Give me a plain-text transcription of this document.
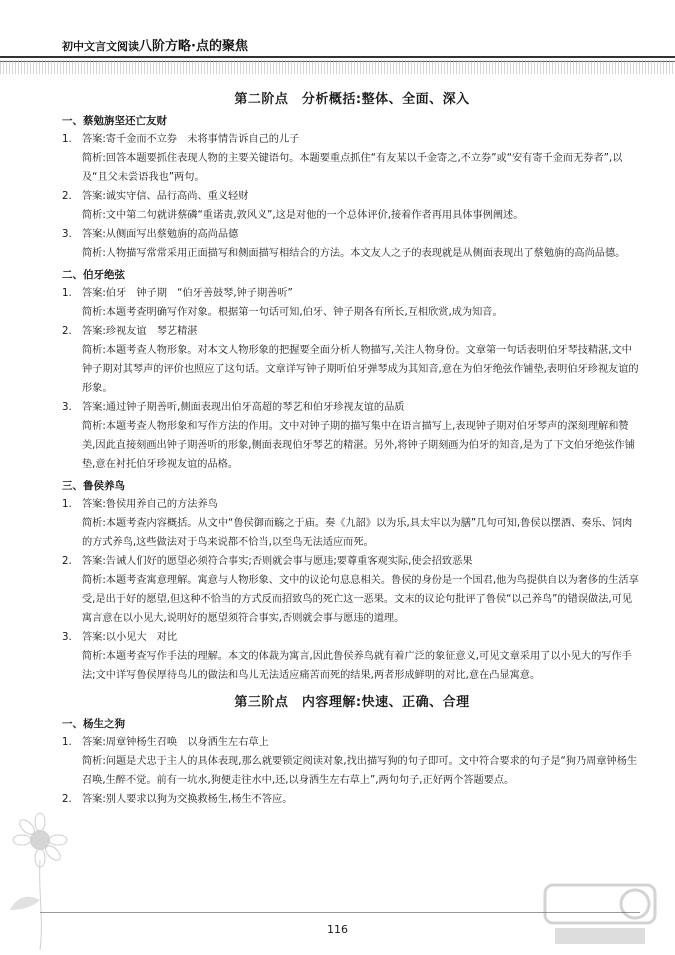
初中文言文阅读八阶方略·点的聚焦
第二阶点　分析概括:整体、全面、深入
一、蔡勉旃坚还亡友财
1.	答案:寄千金而不立券　未将事情告诉自己的儿子
简析:回答本题要抓住表现人物的主要关键语句。本题要重点抓住“有友某以千金寄之,不立券”或“安有寄千金而无券者”,以及“且父未尝语我也”两句。
2.	答案:诚实守信、品行高尚、重义轻财
简析:文中第二句就讲蔡磷“重诺责,敦风义”,这是对他的一个总体评价,接着作者再用具体事例阐述。
3.	答案:从侧面写出蔡勉旃的高尚品德
简析:人物描写常常采用正面描写和侧面描写相结合的方法。本文友人之子的表现就是从侧面表现出了蔡勉旃的高尚品德。
二、伯牙绝弦
1.	答案:伯牙　钟子期　“伯牙善鼓琴,钟子期善听”
简析:本题考查明确写作对象。根据第一句话可知,伯牙、钟子期各有所长,互相欣赏,成为知音。
2.	答案:珍视友谊　琴艺精湛
简析:本题考查人物形象。对本文人物形象的把握要全面分析人物描写,关注人物身份。文章第一句话表明伯牙琴技精湛,文中钟子期对其琴声的评价也照应了这句话。文章详写钟子期听伯牙弹琴成为其知音,意在为伯牙绝弦作铺垫,表明伯牙珍视友谊的形象。
3.	答案:通过钟子期善听,侧面表现出伯牙高超的琴艺和伯牙珍视友谊的品质
简析:本题考查人物形象和写作方法的作用。文中对钟子期的描写集中在语言描写上,表现钟子期对伯牙琴声的深刻理解和赞美,因此直接刻画出钟子期善听的形象,侧面表现伯牙琴艺的精湛。另外,将钟子期刻画为伯牙的知音,是为了下文伯牙绝弦作铺垫,意在衬托伯牙珍视友谊的品格。
三、鲁侯养鸟
1.	答案:鲁侯用养自己的方法养鸟
简析:本题考查内容概括。从文中“鲁侯御而觞之于庙。奏《九韶》以为乐,具太牢以为膳”几句可知,鲁侯以摆酒、奏乐、饲肉的方式养鸟,这些做法对于鸟来说都不恰当,以至鸟无法适应而死。
2.	答案:告诫人们好的愿望必须符合事实;否则就会事与愿违;要尊重客观实际,使会招致恶果
简析:本题考查寓意理解。寓意与人物形象、文中的议论句息息相关。鲁侯的身份是一个国君,他为鸟提供自以为奢侈的生活享受,是出于好的愿望,但这种不恰当的方式反而招致鸟的死亡这一恶果。文末的议论句批评了鲁侯“以己养鸟”的错误做法,可见寓言意在以小见大,说明好的愿望须符合事实,否则就会事与愿违的道理。
3.	答案:以小见大　对比
简析:本题考查写作手法的理解。本文的体裁为寓言,因此鲁侯养鸟就有着广泛的象征意义,可见文章采用了以小见大的写作手法;文中详写鲁侯厚待鸟儿的做法和鸟儿无法适应痛苦而死的结果,两者形成鲜明的对比,意在凸显寓意。
第三阶点　内容理解:快速、正确、合理
一、杨生之狗
1.	答案:周章钟杨生召唤　以身洒生左右草上
简析:问题是犬忠于主人的具体表现,那么就要锁定阅读对象,找出描写狗的句子即可。文中符合要求的句子是“狗乃周章钟杨生召唤,生醉不觉。前有一坑水,狗便走往水中,还,以身洒生左右草上”,两句句子,正好两个答题要点。
2.	答案:别人要求以狗为交换救杨生,杨生不答应。
116
